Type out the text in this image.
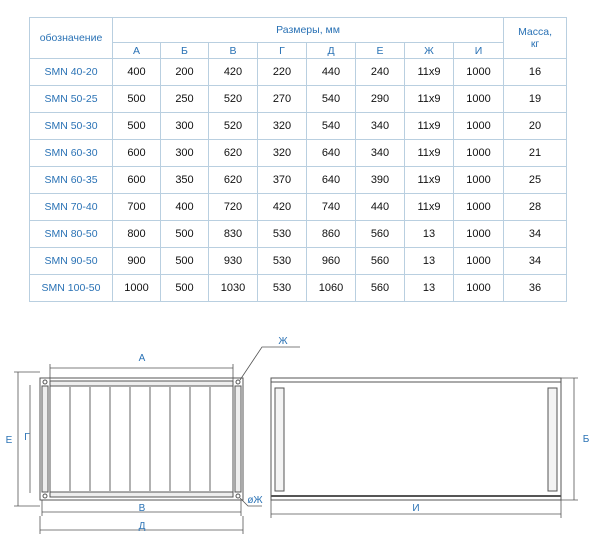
обозначение	Размеры, мм								Масса,
кг
	А	Б	В	Г	Д	Е	Ж	И	
SMN 40-20	400	200	420	220	440	240	11х9	1000	16
SMN 50-25	500	250	520	270	540	290	11х9	1000	19
SMN 50-30	500	300	520	320	540	340	11х9	1000	20
SMN 60-30	600	300	620	320	640	340	11х9	1000	21
SMN 60-35	600	350	620	370	640	390	11х9	1000	25
SMN 70-40	700	400	720	420	740	440	11х9	1000	28
SMN 80-50	800	500	830	530	860	560	13	1000	34
SMN 90-50	900	500	930	530	960	560	13	1000	34
SMN 100-50	1000	500	1030	530	1060	560	13	1000	36
А
В
Д
Е Г
Ж
øЖ
Б
И
